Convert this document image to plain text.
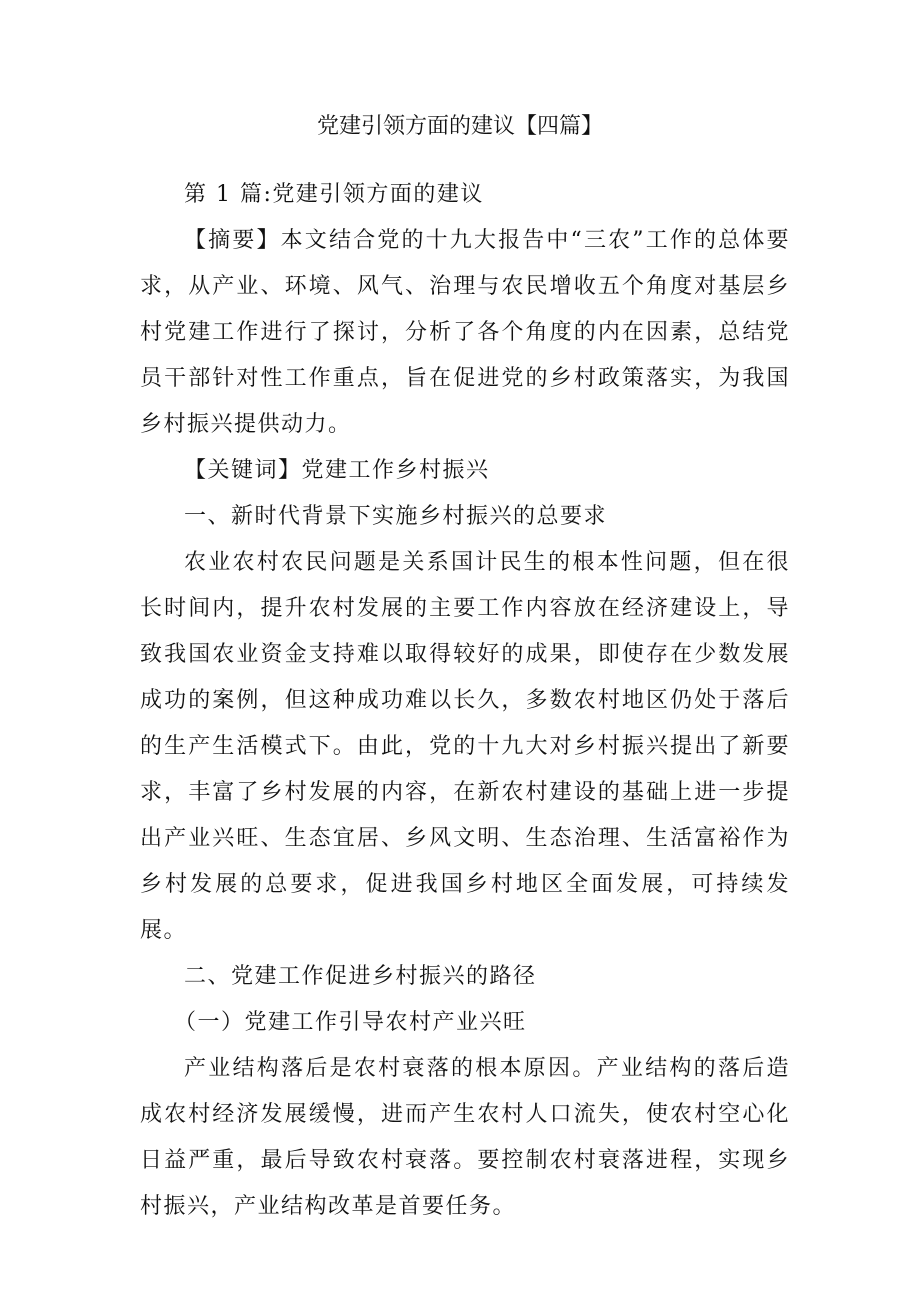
党建引领方面的建议【四篇】

第 1 篇:党建引领方面的建议

【摘要】本文结合党的十九大报告中“三农”工作的总体要求，从产业、环境、风气、治理与农民增收五个角度对基层乡村党建工作进行了探讨，分析了各个角度的内在因素，总结党员干部针对性工作重点，旨在促进党的乡村政策落实，为我国乡村振兴提供动力。

【关键词】党建工作乡村振兴

一、新时代背景下实施乡村振兴的总要求

农业农村农民问题是关系国计民生的根本性问题，但在很长时间内，提升农村发展的主要工作内容放在经济建设上，导致我国农业资金支持难以取得较好的成果，即使存在少数发展成功的案例，但这种成功难以长久，多数农村地区仍处于落后的生产生活模式下。由此，党的十九大对乡村振兴提出了新要求，丰富了乡村发展的内容，在新农村建设的基础上进一步提出产业兴旺、生态宜居、乡风文明、生态治理、生活富裕作为乡村发展的总要求，促进我国乡村地区全面发展，可持续发展。

二、党建工作促进乡村振兴的路径

（一）党建工作引导农村产业兴旺

产业结构落后是农村衰落的根本原因。产业结构的落后造成农村经济发展缓慢，进而产生农村人口流失，使农村空心化日益严重，最后导致农村衰落。要控制农村衰落进程，实现乡村振兴，产业结构改革是首要任务。
